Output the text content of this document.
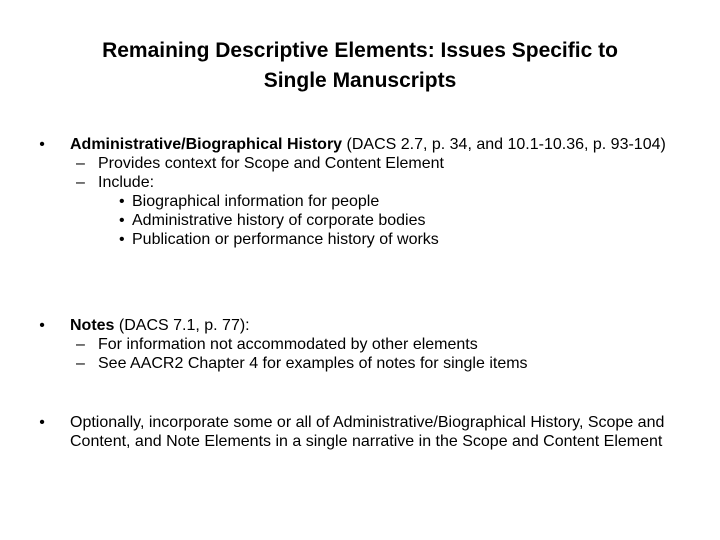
Remaining Descriptive Elements: Issues Specific to
Single Manuscripts
• Administrative/Biographical History (DACS 2.7, p. 34, and 10.1-10.36, p. 93-104)
– Provides context for Scope and Content Element
– Include:
• Biographical information for people
• Administrative history of corporate bodies
• Publication or performance history of works
• Notes (DACS 7.1, p. 77):
– For information not accommodated by other elements
– See AACR2 Chapter 4 for examples of notes for single items
• Optionally, incorporate some or all of Administrative/Biographical History, Scope and Content, and Note Elements in a single narrative in the Scope and Content Element
